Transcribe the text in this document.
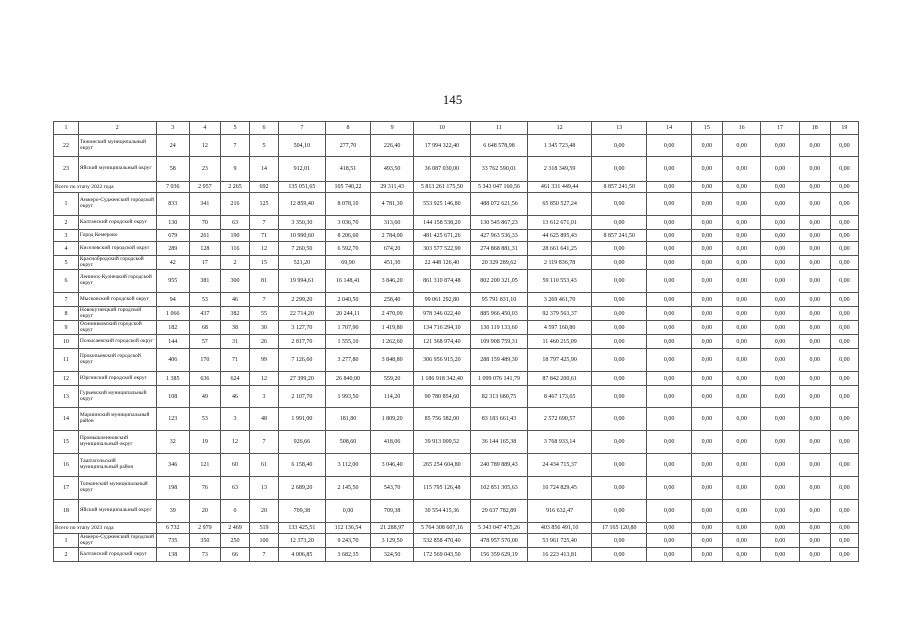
145
1	2	3	4	5	6	7	8	9	10	11	12	13	14	15	16	17	18	19
22	Тяжинский муниципальный округ	24	12	7	5	504,10	277,70	226,40	17 994 322,40	6 648 578,98	1 345 723,48	0,00	0,00	0,00	0,00	0,00	0,00	0,00
23	Яйский муниципальный округ	58	23	9	14	912,01	418,51	493,50	36 087 030,00	33 762 590,01	2 318 349,59	0,00	0,00	0,00	0,00	0,00	0,00	0,00
Всего по этапу 2022 года		7 036	2 957	2 265	692	135 051,65	105 740,22	29 311,43	5 813 261 175,50	5 343 047 160,56	461 331 449,44	8 857 241,50	0,00	0,00	0,00	0,00	0,00	0,00
1	Анжеро-Судженский городской округ	833	341	216	125	12 859,40	8 078,10	4 781,30	553 925 146,80	488 072 621,56	65 850 527,24	0,00	0,00	0,00	0,00	0,00	0,00	0,00
2	Калтанский городской округ	130	70	63	7	3 350,30	3 036,70	313,60	144 158 538,20	130 545 867,23	13 612 671,01	0,00	0,00	0,00	0,00	0,00	0,00	0,00
3	Город Кемерово	679	261	190	71	10 990,60	8 206,60	2 784,00	481 425 671,26	427 963 536,33	44 625 895,43	8 857 241,50	0,00	0,00	0,00	0,00	0,00	0,00
4	Киселевский городской округ	289	128	116	12	7 260,50	6 592,70	674,20	303 577 522,90	274 868 881,31	28 661 641,25	0,00	0,00	0,00	0,00	0,00	0,00	0,00
5	Краснобродский городской округ	42	17	2	15	521,20	69,90	451,30	22 448 126,40	20 329 289,62	2 119 836,78	0,00	0,00	0,00	0,00	0,00	0,00	0,00
6	Ленинск-Кузнецкий городской округ	955	381	300	81	19 994,61	16 148,41	3 846,20	861 310 874,48	802 200 321,05	59 110 553,43	0,00	0,00	0,00	0,00	0,00	0,00	0,00
7	Мысковский городской округ	94	53	46	7	2 299,20	2 040,50	258,40	99 061 292,80	95 791 831,10	3 269 461,70	0,00	0,00	0,00	0,00	0,00	0,00	0,00
8	Новокузнецкий городской округ	1 066	437	382	55	22 714,20	20 244,11	2 470,09	978 346 022,40	885 966 450,03	92 379 563,37	0,00	0,00	0,00	0,00	0,00	0,00	0,00
9	Осинниковский городской округ	182	68	38	30	3 127,70	1 707,90	1 419,80	134 716 294,10	130 119 133,60	4 597 160,80	0,00	0,00	0,00	0,00	0,00	0,00	0,00
10	Полысаевский городской округ	144	57	31	26	2 817,70	1 555,10	1 262,60	121 368 974,40	109 908 759,31	11 460 215,09	0,00	0,00	0,00	0,00	0,00	0,00	0,00
11	Прокопьевский городской округ	406	170	71	99	7 126,60	3 277,80	3 848,80	306 956 915,20	288 159 489,30	18 797 425,90	0,00	0,00	0,00	0,00	0,00	0,00	0,00
12	Юргинский городской округ	1 385	636	624	12	27 399,20	26 840,00	559,20	1 186 918 342,40	1 099 076 141,79	87 842 200,61	0,00	0,00	0,00	0,00	0,00	0,00	0,00
13	Гурьевский муниципальный округ	108	49	46	3	2 107,70	1 993,50	114,20	90 780 854,60	82 313 680,75	8 467 173,65	0,00	0,00	0,00	0,00	0,00	0,00	0,00
14	Мариинский муниципальный район	123	53	3	48	1 991,00	181,80	1 809,20	85 756 382,00	83 183 661,43	2 572 690,57	0,00	0,00	0,00	0,00	0,00	0,00	0,00
15	Промышленновский муниципальный округ	32	19	12	7	926,66	508,60	418,06	39 913 009,52	36 144 165,38	3 768 933,14	0,00	0,00	0,00	0,00	0,00	0,00	0,00
16	Таштагольский муниципальный район	346	121	60	61	6 158,40	3 112,00	3 046,40	265 254 604,80	240 789 889,43	24 434 715,37	0,00	0,00	0,00	0,00	0,00	0,00	0,00
17	Топкинский муниципальный округ	198	76	63	13	2 689,20	2 145,50	543,70	115 795 126,48	102 851 305,63	10 724 829,45	0,00	0,00	0,00	0,00	0,00	0,00	0,00
18	Яйский муниципальный округ	39	20	0	20	709,38	0,00	709,38	30 554 415,36	29 637 782,89	916 632,47	0,00	0,00	0,00	0,00	0,00	0,00	0,00
Всего по этапу 2023 года		6 732	2 979	2 469	519	133 425,51	112 136,54	21 288,97	5 764 308 607,16	5 343 047 475,26	403 856 491,10	17 165 120,80	0,00	0,00	0,00	0,00	0,00	0,00
1	Анжеро-Судженский городской округ	735	350	250	100	12 373,20	9 243,70	3 129,50	532 858 470,40	478 957 570,00	53 961 725,40	0,00	0,00	0,00	0,00	0,00	0,00	0,00
2	Калтанский городской округ	138	73	66	7	4 006,85	3 682,35	324,50	172 569 043,50	156 359 629,19	16 223 413,81	0,00	0,00	0,00	0,00	0,00	0,00	0,00
